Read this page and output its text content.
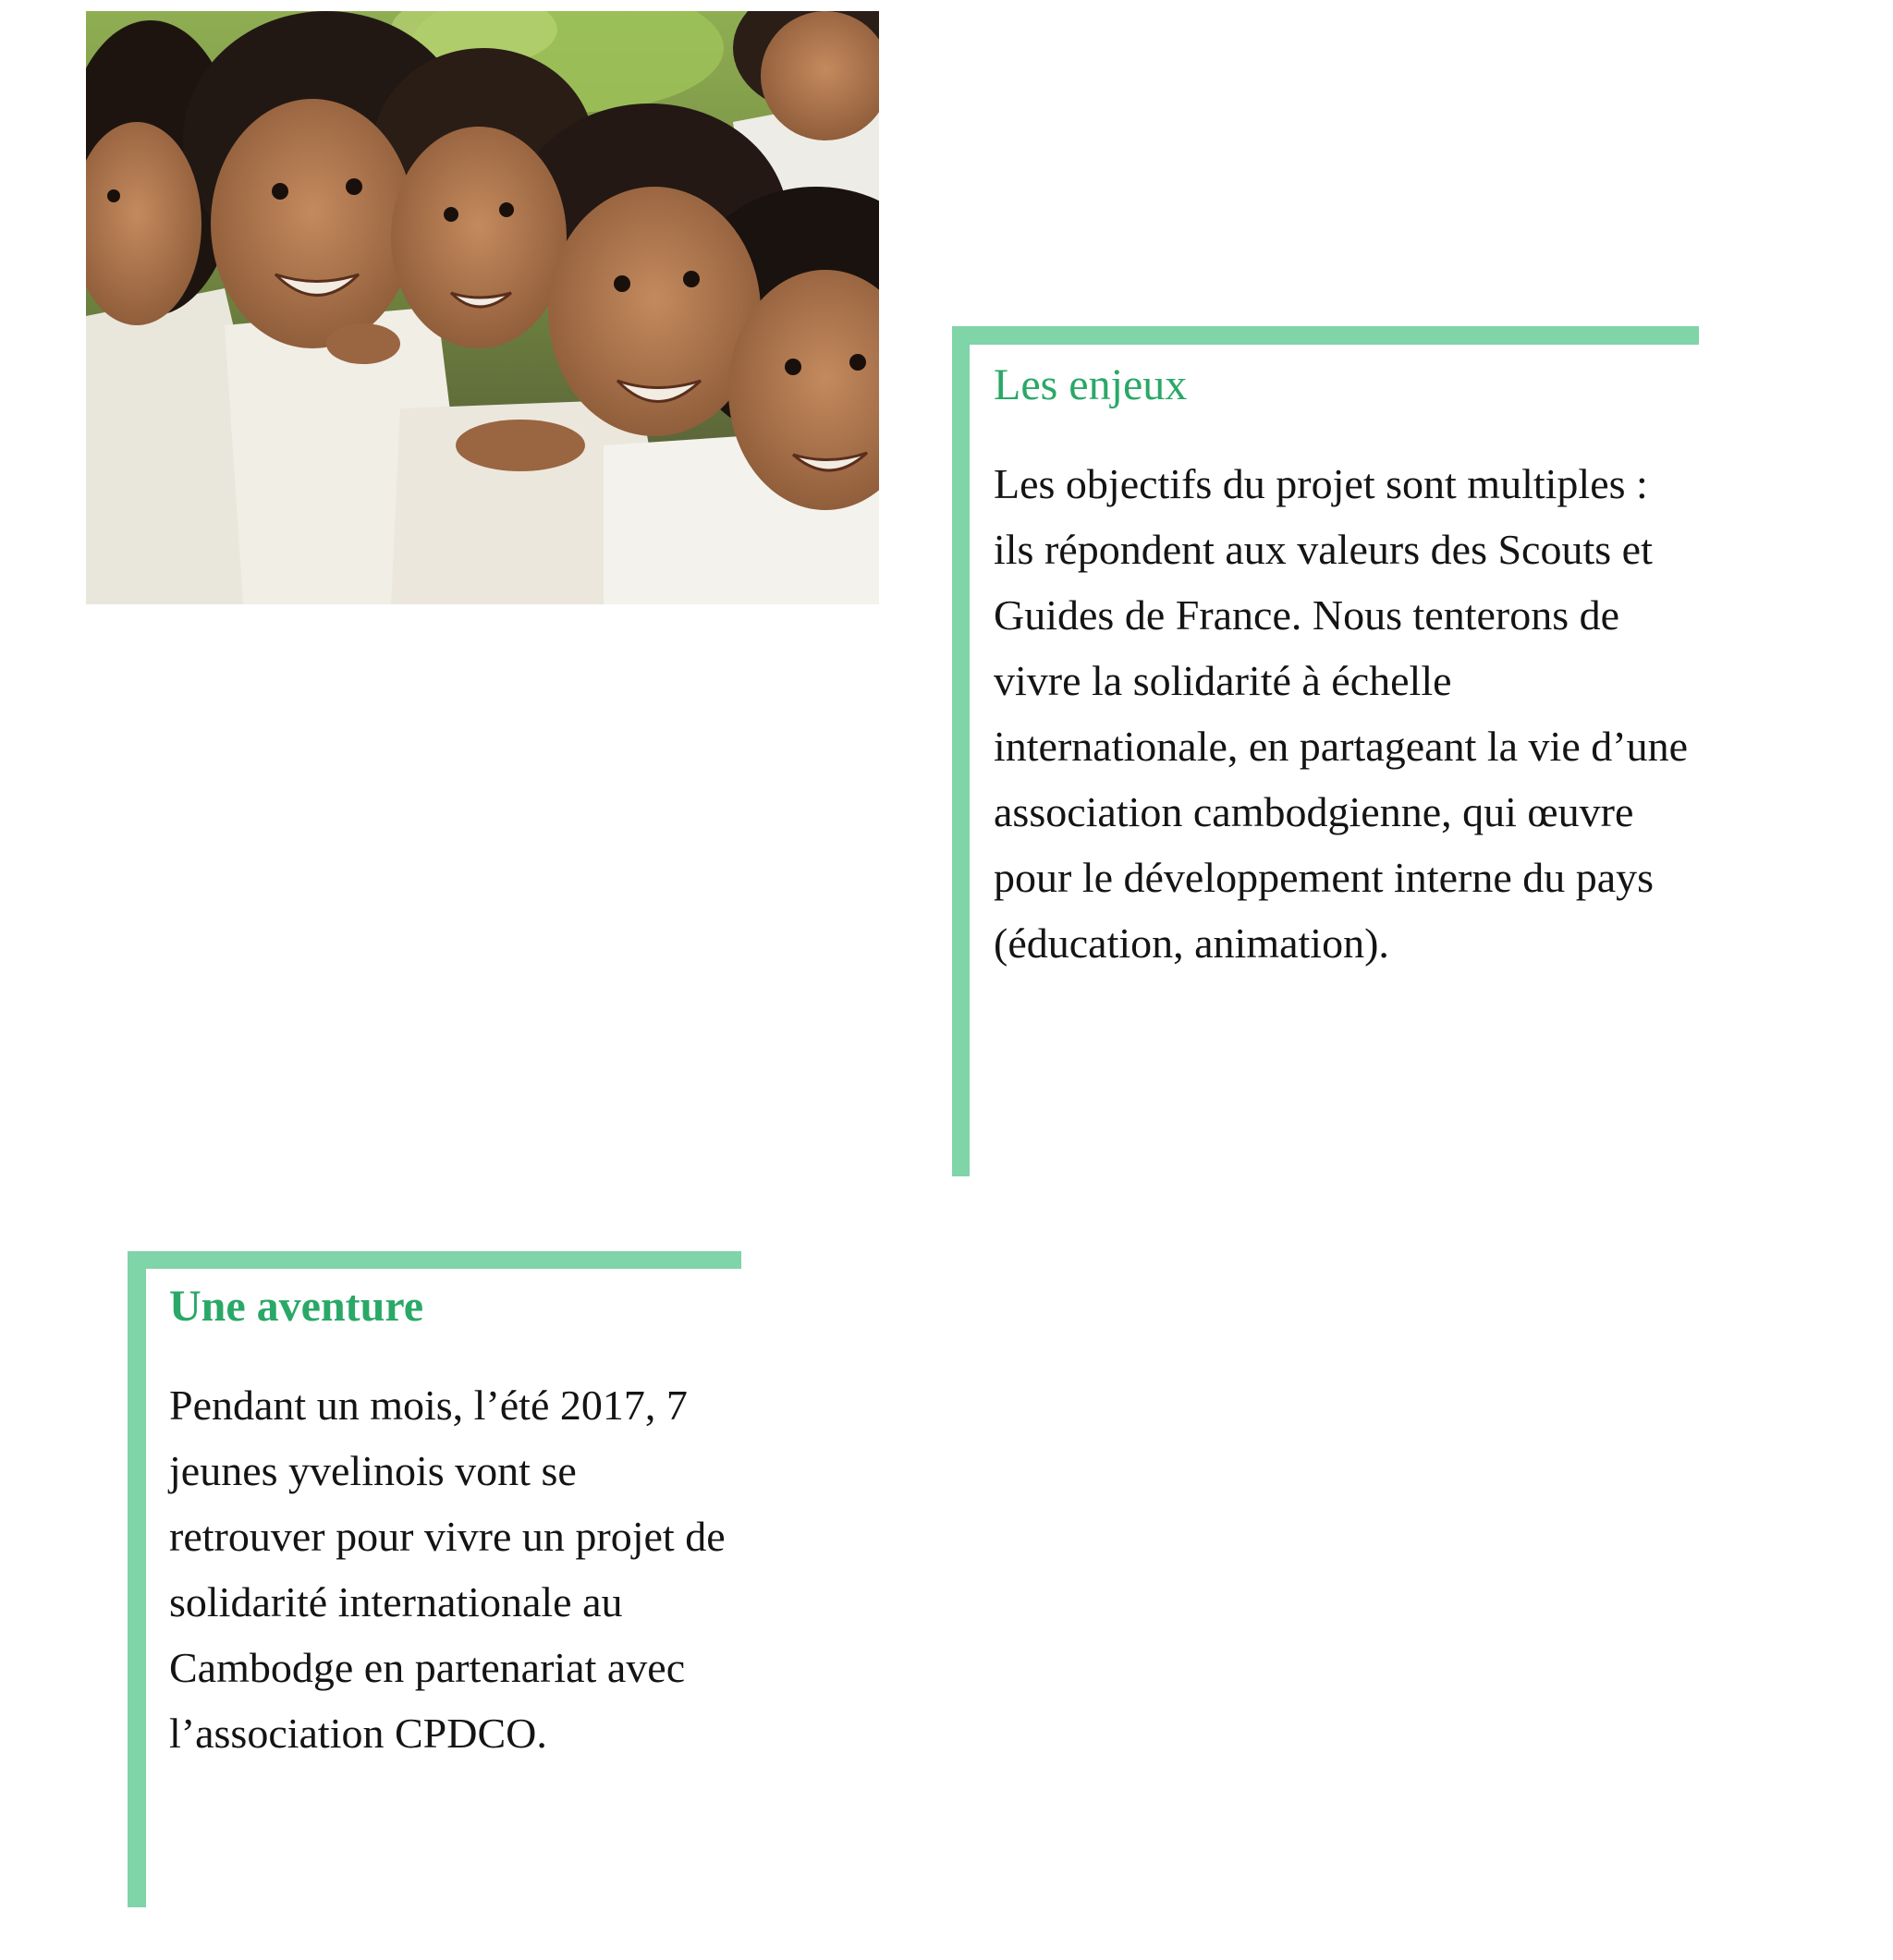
Les enjeux

Les objectifs du projet sont multiples : ils répondent aux valeurs des Scouts et Guides de France. Nous tenterons de vivre la solidarité à échelle internationale, en partageant la vie d’une association cambodgienne, qui œuvre pour le développement interne du pays (éducation, animation).

Une aventure

Pendant un mois, l’été 2017, 7 jeunes yvelinois vont se retrouver pour vivre un projet de solidarité internationale au Cambodge en partenariat avec l’association CPDCO.
